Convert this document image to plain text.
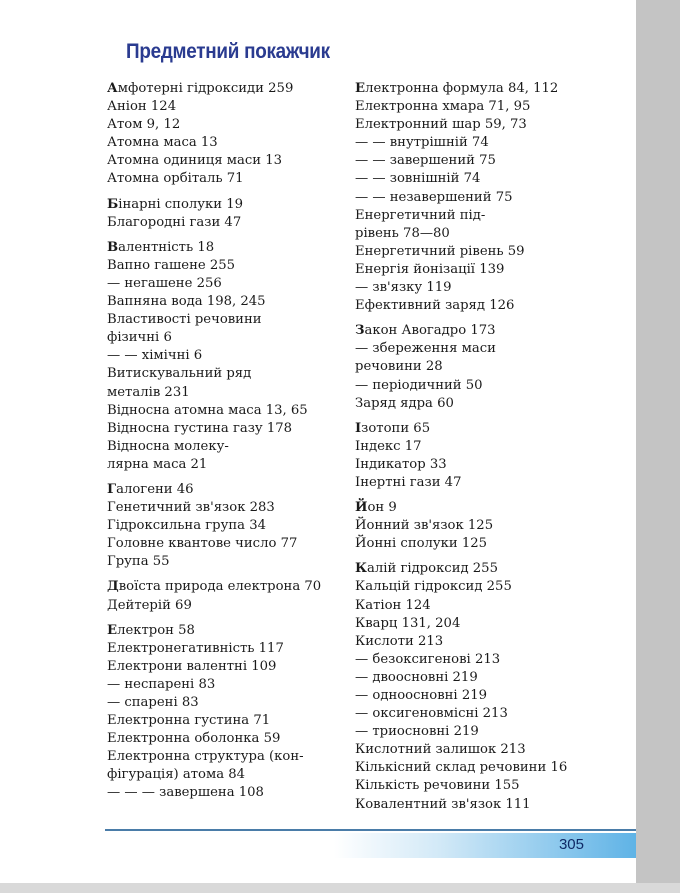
Предметний покажчик
Амфотерні гідроксиди 259
Аніон 124
Атом 9, 12
Атомна маса 13
Атомна одиниця маси 13
Атомна орбіталь 71
Бінарні сполуки 19
Благородні гази 47
Валентність 18
Вапно гашене 255
— негашене 256
Вапняна вода 198, 245
Властивості речовини
фізичні 6
— — хімічні 6
Витискувальний ряд
металів 231
Відносна атомна маса 13, 65
Відносна густина газу 178
Відносна молеку-
лярна маса 21
Галогени 46
Генетичний зв'язок 283
Гідроксильна група 34
Головне квантове число 77
Група 55
Двоїста природа електрона 70
Дейтерій 69
Електрон 58
Електронегативність 117
Електрони валентні 109
— неспарені 83
— спарені 83
Електронна густина 71
Електронна оболонка 59
Електронна структура (кон-
фігурація) атома 84
— — — завершена 108
Електронна формула 84, 112
Електронна хмара 71, 95
Електронний шар 59, 73
— — внутрішній 74
— — завершений 75
— — зовнішній 74
— — незавершений 75
Енергетичний під-
рівень 78—80
Енергетичний рівень 59
Енергія йонізації 139
— зв'язку 119
Ефективний заряд 126
Закон Авогадро 173
— збереження маси
речовини 28
— періодичний 50
Заряд ядра 60
Ізотопи 65
Індекс 17
Індикатор 33
Інертні гази 47
Йон 9
Йонний зв'язок 125
Йонні сполуки 125
Калій гідроксид 255
Кальцій гідроксид 255
Катіон 124
Кварц 131, 204
Кислоти 213
— безоксигенові 213
— двоосновні 219
— одноосновні 219
— оксигеновмісні 213
— триосновні 219
Кислотний залишок 213
Кількісний склад речовини 16
Кількість речовини 155
Ковалентний зв'язок 111
305
